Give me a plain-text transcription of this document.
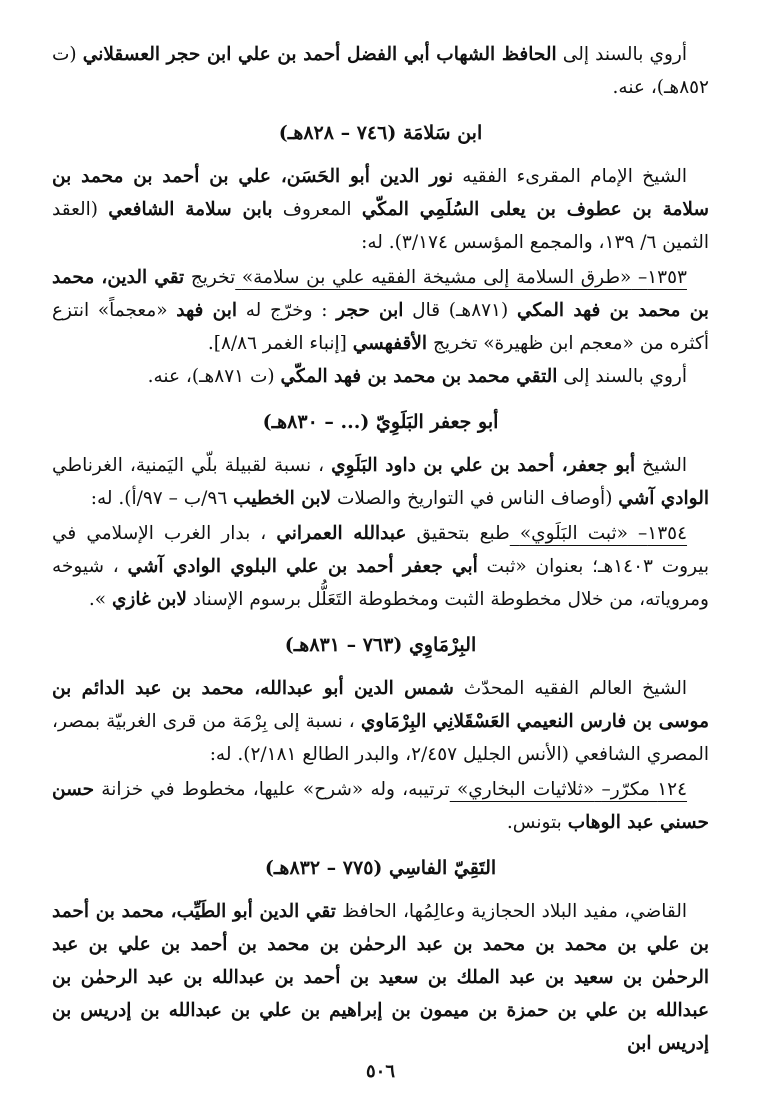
أروي بالسند إلى الحافظ الشهاب أبي الفضل أحمد بن علي ابن حجر العسقلاني (ت ٨٥٢هـ)، عنه.

ابن سَلامَة (٧٤٦ – ٨٢٨هـ)

الشيخ الإمام المقرىء الفقيه نور الدين أبو الحَسَن، علي بن أحمد بن محمد بن سلامة بن عطوف بن يعلى السُلَمِي المكّي المعروف بابن سلامة الشافعي (العقد الثمين ٦/ ١٣٩، والمجمع المؤسس ٣/١٧٤). له:

١٣٥٣– «طرق السلامة إلى مشيخة الفقيه علي بن سلامة» تخريج تقي الدين، محمد بن محمد بن فهد المكي (٨٧١هـ) قال ابن حجر : وخرّج له ابن فهد «معجماً» انتزع أكثره من «معجم ابن ظهيرة» تخريج الأقفهسي [إنباء الغمر ٨/٨٦].

أروي بالسند إلى التقي محمد بن محمد بن فهد المكّي (ت ٨٧١هـ)، عنه.

أبو جعفر البَلَوِيّ (... – ٨٣٠هـ)

الشيخ أبو جعفر، أحمد بن علي بن داود البَلَوِي ، نسبة لقبيلة بلّي اليَمنية، الغرناطي الوادي آشي (أوصاف الناس في التواريخ والصلات لابن الخطيب ٩٦/ب – ٩٧/أ). له:

١٣٥٤– «ثبت البَلَوي» طبع بتحقيق عبدالله العمراني ، بدار الغرب الإسلامي في بيروت ١٤٠٣هـ؛ بعنوان «ثبت أبي جعفر أحمد بن علي البلوي الوادي آشي ، شيوخه ومروياته، من خلال مخطوطة الثبت ومخطوطة التَعَلُّل برسوم الإسناد لابن غازي ».

البِرْمَاوِي (٧٦٣ – ٨٣١هـ)

الشيخ العالم الفقيه المحدّث شمس الدين أبو عبدالله، محمد بن عبد الدائم بن موسى بن فارس النعيمي العَسْقَلانِي البِرْمَاوي ، نسبة إلى بِرْمَة من قرى الغربيّة بمصر، المصري الشافعي (الأنس الجليل ٢/٤٥٧، والبدر الطالع ٢/١٨١). له:

١٢٤ مكرّر– «ثلاثيات البخاري» ترتيبه، وله «شرح» عليها، مخطوط في خزانة حسن حسني عبد الوهاب بتونس.

التَقِيّ الفاسِي (٧٧٥ – ٨٣٢هـ)

القاضي، مفيد البلاد الحجازية وعالِمُها، الحافظ تقي الدين أبو الطَيِّب، محمد بن أحمد بن علي بن محمد بن محمد بن عبد الرحمٰن بن محمد بن أحمد بن علي بن عبد الرحمٰن بن سعيد بن عبد الملك بن سعيد بن أحمد بن عبدالله بن عبد الرحمٰن بن عبدالله بن علي بن حمزة بن ميمون بن إبراهيم بن علي بن عبدالله بن إدريس بن إدريس ابن

٥٠٦
